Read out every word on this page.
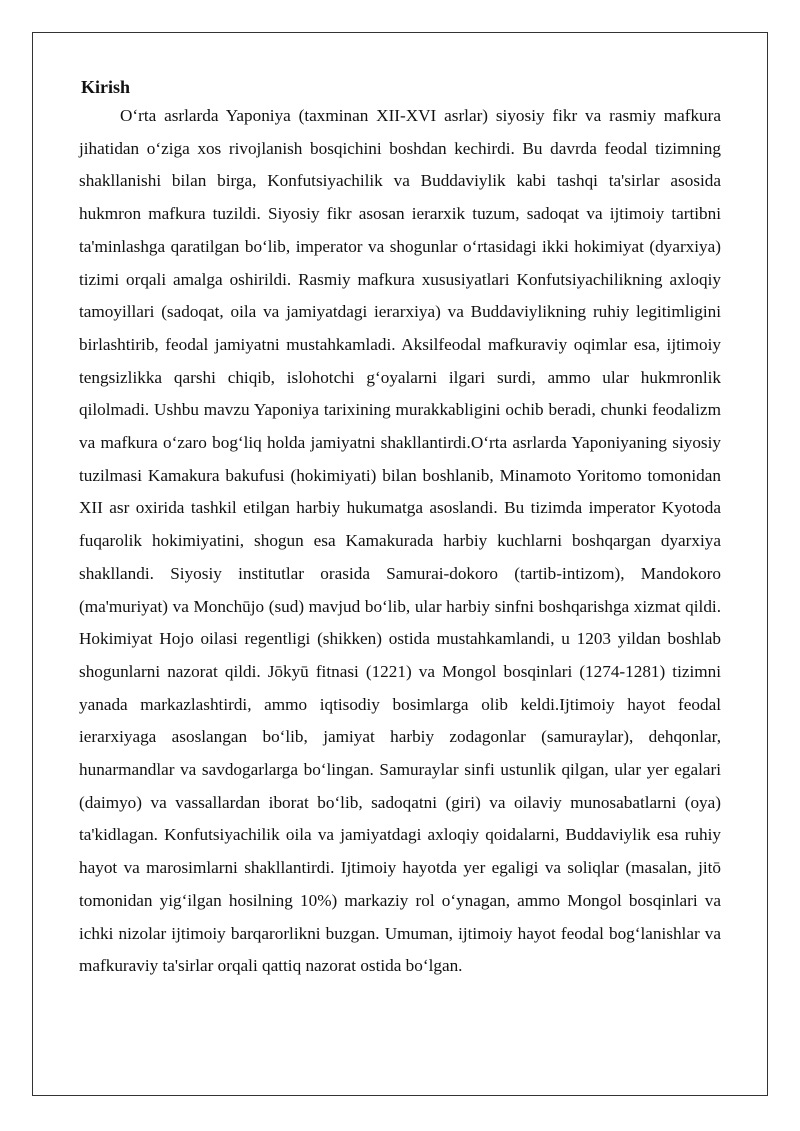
Kirish

O‘rta asrlarda Yaponiya (taxminan XII-XVI asrlar) siyosiy fikr va rasmiy mafkura jihatidan o‘ziga xos rivojlanish bosqichini boshdan kechirdi. Bu davrda feodal tizimning shakllanishi bilan birga, Konfutsiyachilik va Buddaviylik kabi tashqi ta'sirlar asosida hukmron mafkura tuzildi. Siyosiy fikr asosan ierarxik tuzum, sadoqat va ijtimoiy tartibni ta'minlashga qaratilgan bo‘lib, imperator va shogunlar o‘rtasidagi ikki hokimiyat (dyarxiya) tizimi orqali amalga oshirildi. Rasmiy mafkura xususiyatlari Konfutsiyachilikning axloqiy tamoyillari (sadoqat, oila va jamiyatdagi ierarxiya) va Buddaviylikning ruhiy legitimligini birlashtirib, feodal jamiyatni mustahkamladi. Aksilfeodal mafkuraviy oqimlar esa, ijtimoiy tengsizlikka qarshi chiqib, islohotchi g‘oyalarni ilgari surdi, ammo ular hukmronlik qilolmadi. Ushbu mavzu Yaponiya tarixining murakkabligini ochib beradi, chunki feodalizm va mafkura o‘zaro bog‘liq holda jamiyatni shakllantirdi.O‘rta asrlarda Yaponiyaning siyosiy tuzilmasi Kamakura bakufusi (hokimiyati) bilan boshlanib, Minamoto Yoritomo tomonidan XII asr oxirida tashkil etilgan harbiy hukumatga asoslandi. Bu tizimda imperator Kyotoda fuqarolik hokimiyatini, shogun esa Kamakurada harbiy kuchlarni boshqargan dyarxiya shakllandi. Siyosiy institutlar orasida Samurai-dokoro (tartib-intizom), Mandokoro (ma'muriyat) va Monchūjo (sud) mavjud bo‘lib, ular harbiy sinfni boshqarishga xizmat qildi. Hokimiyat Hojo oilasi regentligi (shikken) ostida mustahkamlandi, u 1203 yildan boshlab shogunlarni nazorat qildi. Jōkyū fitnasi (1221) va Mongol bosqinlari (1274-1281) tizimni yanada markazlashtirdi, ammo iqtisodiy bosimlarga olib keldi.Ijtimoiy hayot feodal ierarxiyaga asoslangan bo‘lib, jamiyat harbiy zodagonlar (samuraylar), dehqonlar, hunarmandlar va savdogarlarga bo‘lingan. Samuraylar sinfi ustunlik qilgan, ular yer egalari (daimyo) va vassallardan iborat bo‘lib, sadoqatni (giri) va oilaviy munosabatlarni (oya) ta'kidlagan. Konfutsiyachilik oila va jamiyatdagi axloqiy qoidalarni, Buddaviylik esa ruhiy hayot va marosimlarni shakllantirdi. Ijtimoiy hayotda yer egaligi va soliqlar (masalan, jitō tomonidan yig‘ilgan hosilning 10%) markaziy rol o‘ynagan, ammo Mongol bosqinlari va ichki nizolar ijtimoiy barqarorlikni buzgan. Umuman, ijtimoiy hayot feodal bog‘lanishlar va mafkuraviy ta'sirlar orqali qattiq nazorat ostida bo‘lgan.
